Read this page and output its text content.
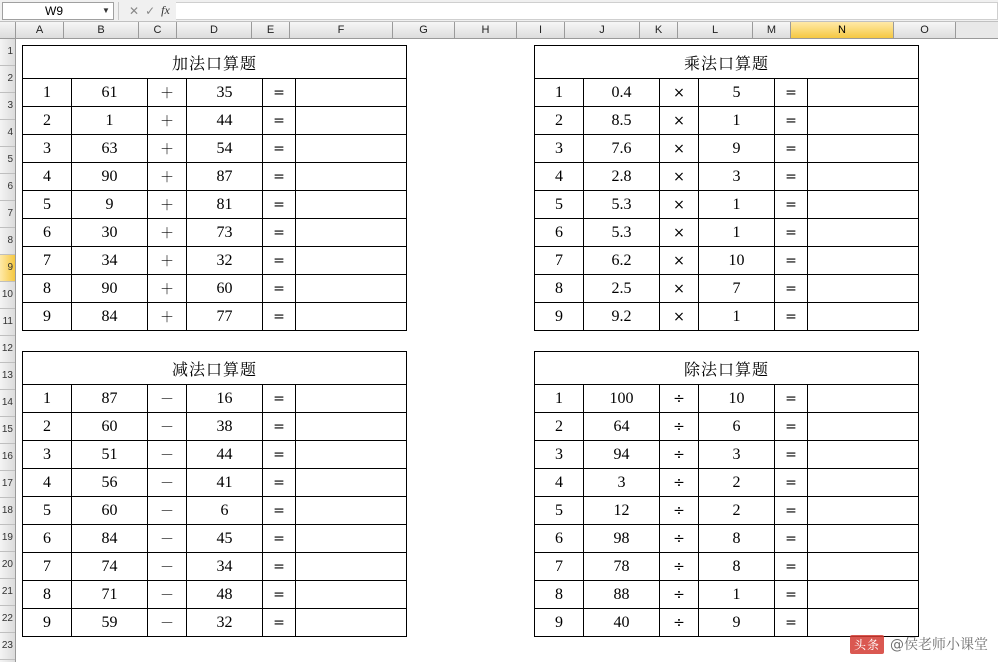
W9	▼ ✕ ✓ fx
A	B	C	D	E	F	G	H	I	J	K	L	M	N	O
1
2
3
4
5
6
7
8
9
10
11
12
13
14
15
16
17
18
19
20
21
22
23
加法口算题					
1	61	＋	35	=	
2	1	＋	44	=	
3	63	＋	54	=	
4	90	＋	87	=	
5	9	＋	81	=	
6	30	＋	73	=	
7	34	＋	32	=	
8	90	＋	60	=	
9	84	＋	77	=	
乘法口算题					
1	0.4	×	5	=	
2	8.5	×	1	=	
3	7.6	×	9	=	
4	2.8	×	3	=	
5	5.3	×	1	=	
6	5.3	×	1	=	
7	6.2	×	10	=	
8	2.5	×	7	=	
9	9.2	×	1	=	
减法口算题					
1	87	－	16	=	
2	60	－	38	=	
3	51	－	44	=	
4	56	－	41	=	
5	60	－	6	=	
6	84	－	45	=	
7	74	－	34	=	
8	71	－	48	=	
9	59	－	32	=	
除法口算题					
1	100	÷	10	=	
2	64	÷	6	=	
3	94	÷	3	=	
4	3	÷	2	=	
5	12	÷	2	=	
6	98	÷	8	=	
7	78	÷	8	=	
8	88	÷	1	=	
9	40	÷	9	=	
头条 @侯老师小课堂
